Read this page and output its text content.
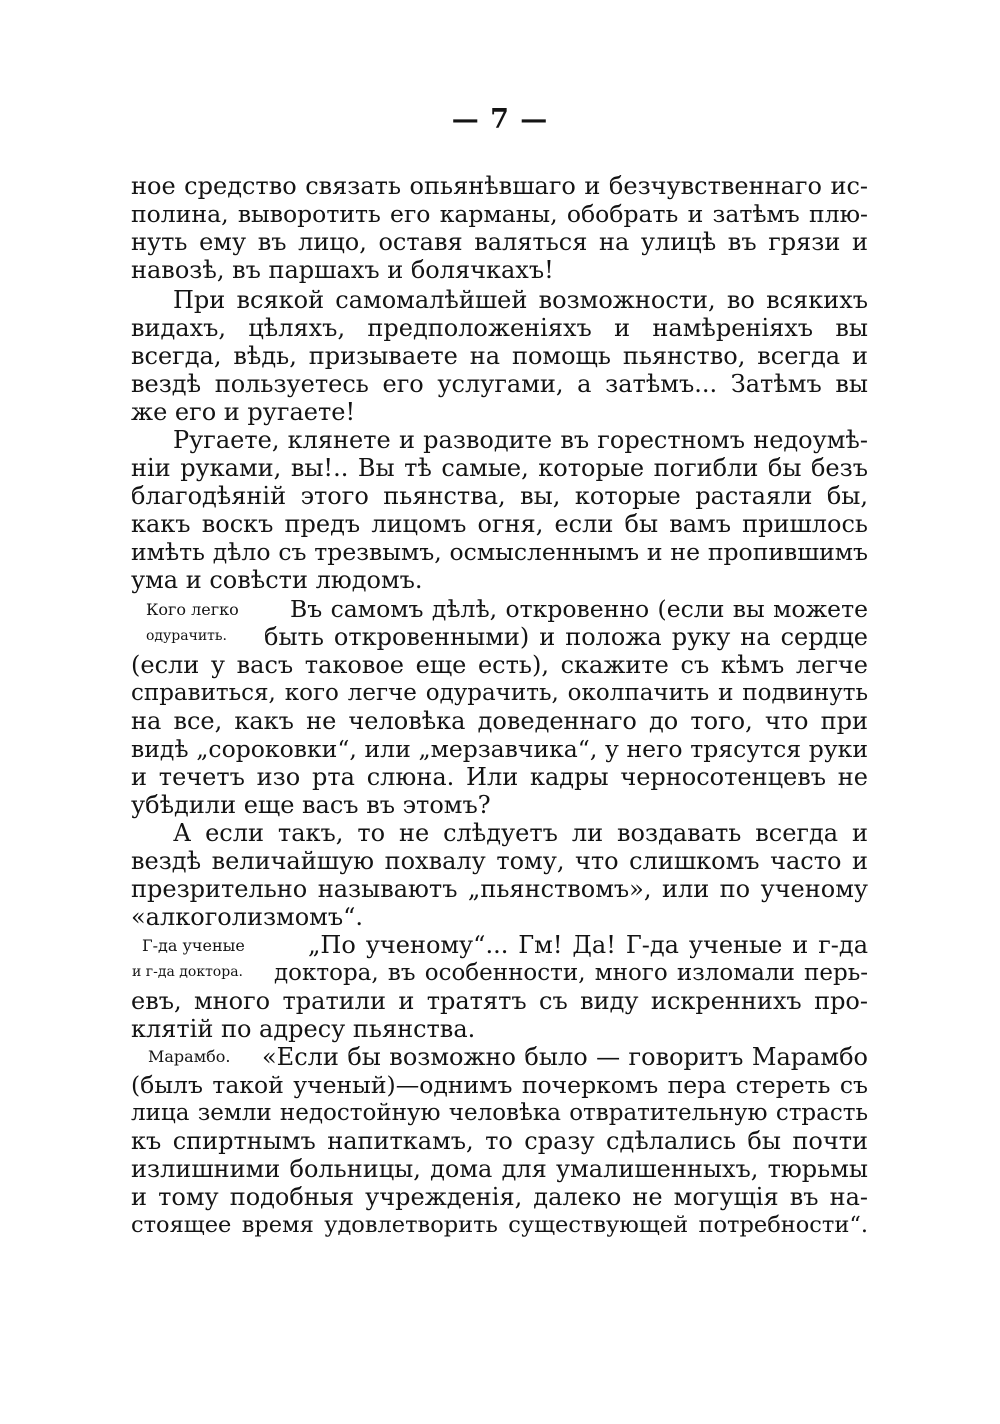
— 7 —
ное средство связать опьянѣвшаго и безчувственнаго ис-
полина, выворотить его карманы, обобрать и затѣмъ плю-
нуть ему въ лицо, оставя валяться на улицѣ въ грязи и
навозѣ, въ паршахъ и болячкахъ!
При всякой самомалѣйшей возможности, во всякихъ
видахъ, цѣляхъ, предположеніяхъ и намѣреніяхъ вы
всегда, вѣдь, призываете на помощь пьянство, всегда и
вездѣ пользуетесь его услугами, а затѣмъ... Затѣмъ вы
же его и ругаете!
Ругаете, клянете и разводите въ горестномъ недоумѣ-
ніи руками, вы!.. Вы тѣ самые, которые погибли бы безъ
благодѣяній этого пьянства, вы, которые растаяли бы,
какъ воскъ предъ лицомъ огня, если бы вамъ пришлось
имѣть дѣло съ трезвымъ, осмысленнымъ и не пропившимъ
ума и совѣсти людомъ.
Кого легко
одурачить.
Въ самомъ дѣлѣ, откровенно (если вы можете
быть откровенными) и положа руку на сердце
(если у васъ таковое еще есть), скажите съ кѣмъ легче
справиться, кого легче одурачить, околпачить и подвинуть
на все, какъ не человѣка доведеннаго до того, что при
видѣ „сороковки“, или „мерзавчика“, у него трясутся руки
и течетъ изо рта слюна. Или кадры черносотенцевъ не
убѣдили еще васъ въ этомъ?
А если такъ, то не слѣдуетъ ли воздавать всегда и
вездѣ величайшую похвалу тому, что слишкомъ часто и
презрительно называютъ „пьянствомъ», или по ученому
«алкоголизмомъ“.
Г-да ученые
и г-да доктора.
„По ученому“... Гм! Да! Г-да ученые и г-да
доктора, въ особенности, много изломали перь-
евъ, много тратили и тратятъ съ виду искреннихъ про-
клятій по адресу пьянства.
Марамбо. «Если бы возможно было — говоритъ Марамбо
(былъ такой ученый)—однимъ почеркомъ пера стереть съ
лица земли недостойную человѣка отвратительную страсть
къ спиртнымъ напиткамъ, то сразу сдѣлались бы почти
излишними больницы, дома для умалишенныхъ, тюрьмы
и тому подобныя учрежденія, далеко не могущія въ на-
стоящее время удовлетворить существующей потребности“.
